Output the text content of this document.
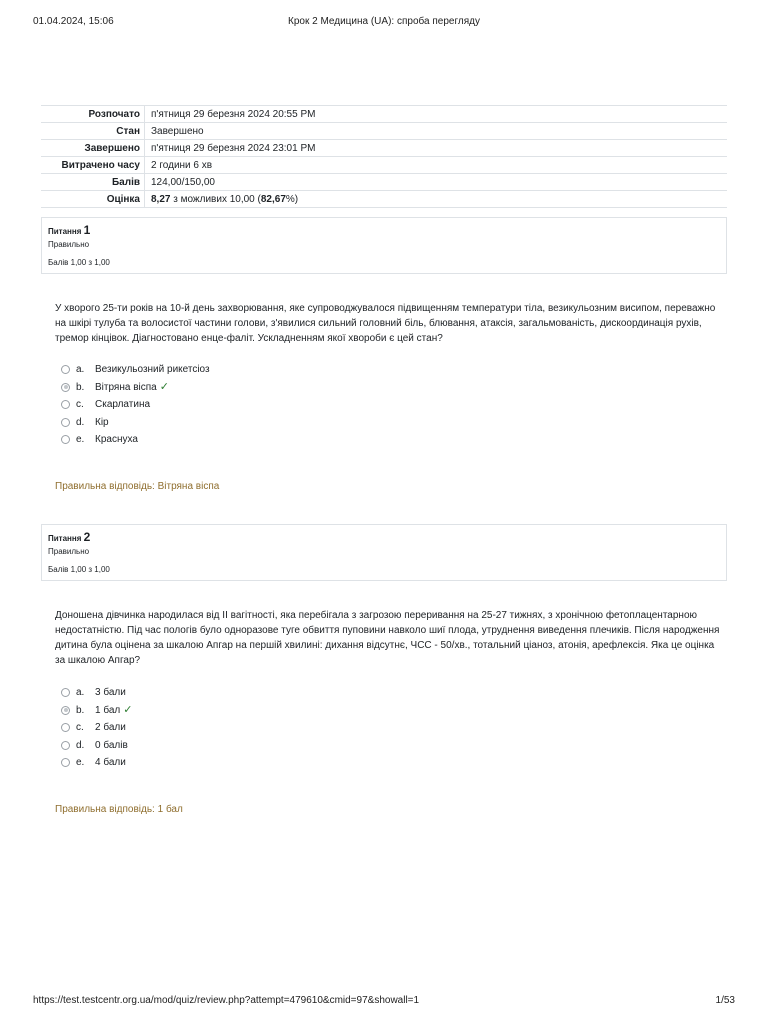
01.04.2024, 15:06	Крок 2 Медицина (UA): спроба перегляду
Розпочато	п'ятниця 29 березня 2024 20:55 PM
Стан	Завершено
Завершено	п'ятниця 29 березня 2024 23:01 PM
Витрачено часу	2 години 6 хв
Балів	124,00/150,00
Оцінка	8,27 з можливих 10,00 (82,67%)
Питання 1
Правильно
Балів 1,00 з 1,00
У хворого 25-ти років на 10-й день захворювання, яке супроводжувалося підвищенням температури тіла, везикульозним висипом, переважно на шкірі тулуба та волосистої частини голови, з'явилися сильний головний біль, блювання, атаксія, загальмованість, дискоординація рухів, тремор кінцівок. Діагностовано енце-фаліт. Ускладненням якої хвороби є цей стан?
a. Везикульозний рикетсіоз
b. Вітряна віспа ✓
c. Скарлатина
d. Кір
e. Краснуха
Правильна відповідь: Вітряна віспа
Питання 2
Правильно
Балів 1,00 з 1,00
Доношена дівчинка народилася від II вагітності, яка перебігала з загрозою переривання на 25-27 тижнях, з хронічною фетоплацентарною недостатністю. Під час пологів було одноразове туге обвиття пуповини навколо шиї плода, утруднення виведення плечиків. Після народження дитина була оцінена за шкалою Апгар на першій хвилині: дихання відсутнє, ЧСС - 50/хв., тотальний ціаноз, атонія, арефлексія. Яка це оцінка за шкалою Апгар?
a. 3 бали
b. 1 бал ✓
c. 2 бали
d. 0 балів
e. 4 бали
Правильна відповідь: 1 бал
https://test.testcentr.org.ua/mod/quiz/review.php?attempt=479610&cmid=97&showall=1	1/53
